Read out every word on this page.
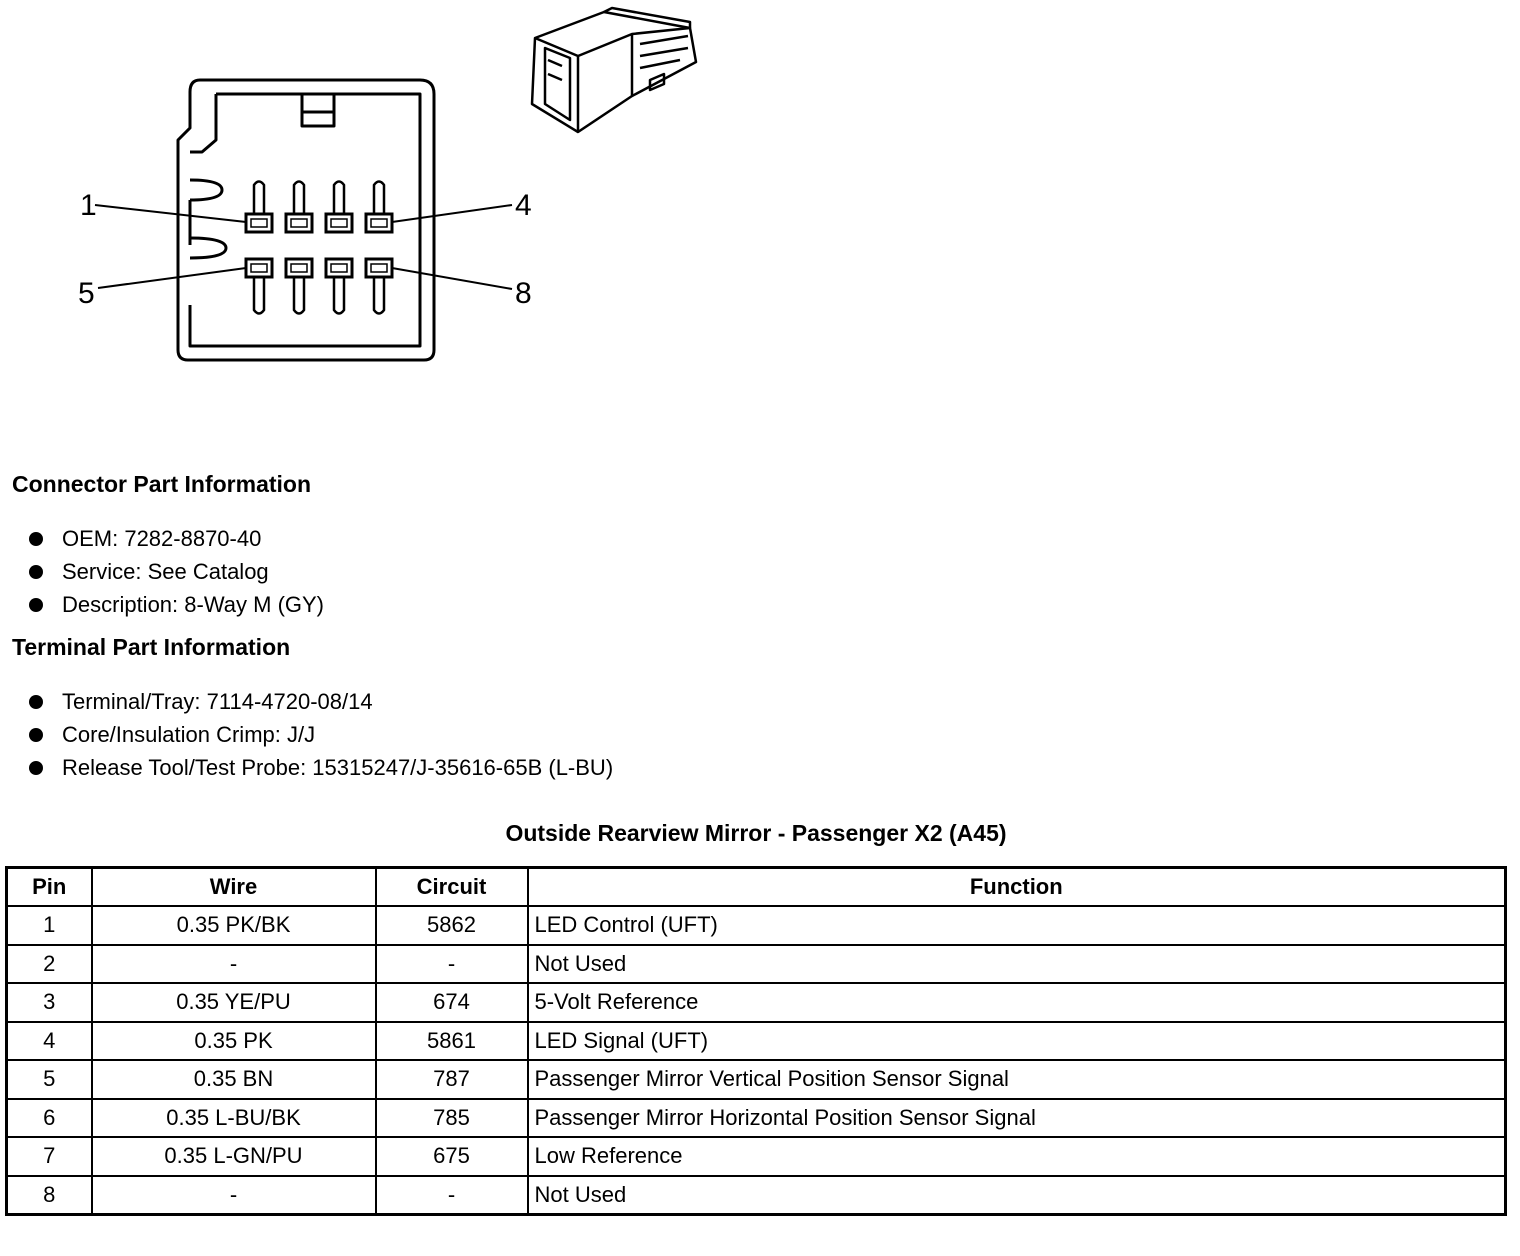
1	4
5	8
Connector Part Information
OEM: 7282-8870-40
Service: See Catalog
Description: 8-Way M (GY)
Terminal Part Information
Terminal/Tray: 7114-4720-08/14
Core/Insulation Crimp: J/J
Release Tool/Test Probe: 15315247/J-35616-65B (L-BU)
Outside Rearview Mirror - Passenger X2 (A45)
Pin	Wire	Circuit	Function
1	0.35 PK/BK	5862	LED Control (UFT)
2	-	-	Not Used
3	0.35 YE/PU	674	5-Volt Reference
4	0.35 PK	5861	LED Signal (UFT)
5	0.35 BN	787	Passenger Mirror Vertical Position Sensor Signal
6	0.35 L-BU/BK	785	Passenger Mirror Horizontal Position Sensor Signal
7	0.35 L-GN/PU	675	Low Reference
8	-	-	Not Used
